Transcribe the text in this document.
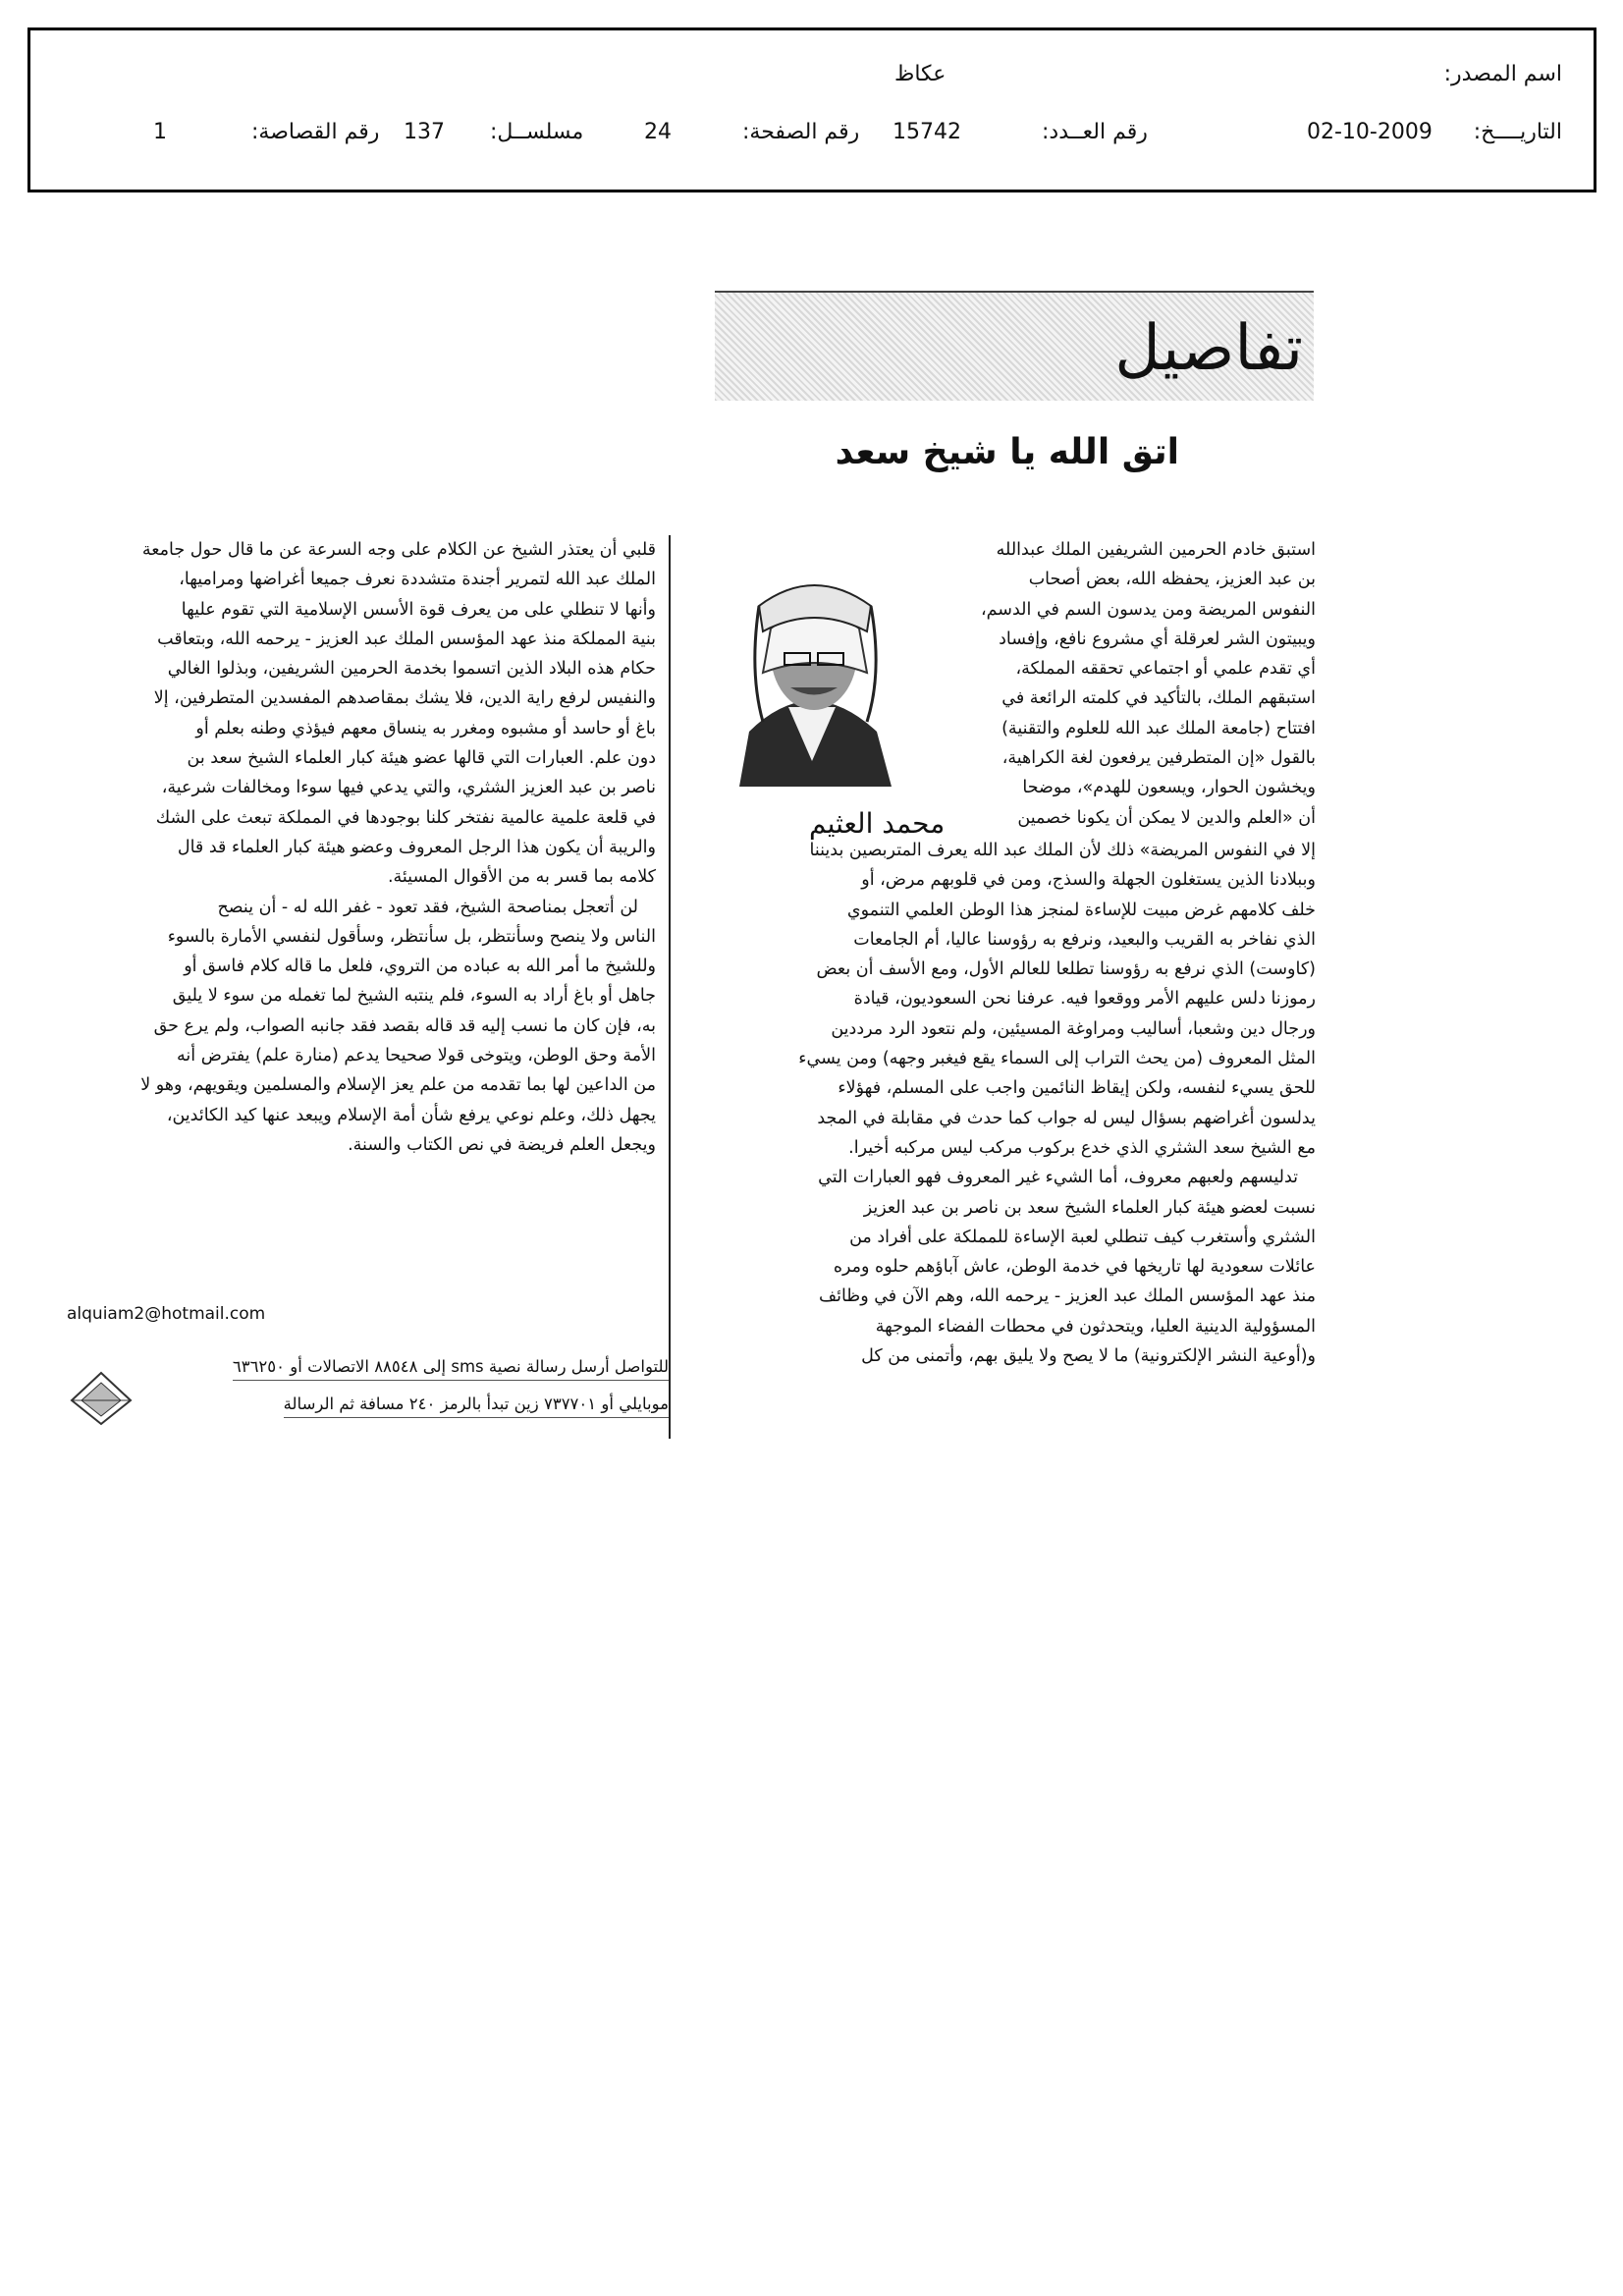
اسم المصدر:
عكاظ
التاريــــخ:
02-10-2009
رقم العــدد:
15742
رقم الصفحة:
24
مسلســل:
137
رقم القصاصة:
1
تفاصيل
اتق الله يا شيخ سعد
محمد العثيم

استبق خادم الحرمين الشريفين الملك عبدالله

بن عبد العزيز، يحفظه الله، بعض أصحاب

النفوس المريضة ومن يدسون السم في الدسم،

ويبيتون الشر لعرقلة أي مشروع نافع، وإفساد

أي تقدم علمي أو اجتماعي تحققه المملكة،

استبقهم الملك، بالتأكيد في كلمته الرائعة في

افتتاح (جامعة الملك عبد الله للعلوم والتقنية)

بالقول «إن المتطرفين يرفعون لغة الكراهية،

ويخشون الحوار، ويسعون للهدم»، موضحا

أن «العلم والدين لا يمكن أن يكونا خصمين

إلا في النفوس المريضة» ذلك لأن الملك عبد الله يعرف المتربصين بديننا

وببلادنا الذين يستغلون الجهلة والسذج، ومن في قلوبهم مرض، أو

خلف كلامهم غرض مبيت للإساءة لمنجز هذا الوطن العلمي التنموي

الذي نفاخر به القريب والبعيد، ونرفع به رؤوسنا عاليا، أم الجامعات

(كاوست) الذي نرفع به رؤوسنا تطلعا للعالم الأول، ومع الأسف أن بعض

رموزنا دلس عليهم الأمر ووقعوا فيه. عرفنا نحن السعوديون، قيادة

ورجال دين وشعبا، أساليب ومراوغة المسيئين، ولم نتعود الرد مرددين

المثل المعروف (من يحث التراب إلى السماء يقع فيغبر وجهه) ومن يسيء

للحق يسيء لنفسه، ولكن إيقاظ النائمين واجب على المسلم، فهؤلاء

يدلسون أغراضهم بسؤال ليس له جواب كما حدث في مقابلة في المجد

مع الشيخ سعد الشثري الذي خدع بركوب مركب ليس مركبه أخيرا.

تدليسهم ولعبهم معروف، أما الشيء غير المعروف فهو العبارات التي

نسبت لعضو هيئة كبار العلماء الشيخ سعد بن ناصر بن عبد العزيز

الشثري وأستغرب كيف تنطلي لعبة الإساءة للمملكة على أفراد من

عائلات سعودية لها تاريخها في خدمة الوطن، عاش آباؤهم حلوه ومره

منذ عهد المؤسس الملك عبد العزيز - يرحمه الله، وهم الآن في وظائف

المسؤولية الدينية العليا، ويتحدثون في محطات الفضاء الموجهة

و(أوعية النشر الإلكترونية) ما لا يصح ولا يليق بهم، وأتمنى من كل

قلبي أن يعتذر الشيخ عن الكلام على وجه السرعة عن ما قال حول جامعة

الملك عبد الله لتمرير أجندة متشددة نعرف جميعا أغراضها ومراميها،

وأنها لا تنطلي على من يعرف قوة الأسس الإسلامية التي تقوم عليها

بنية المملكة منذ عهد المؤسس الملك عبد العزيز - يرحمه الله، وبتعاقب

حكام هذه البلاد الذين اتسموا بخدمة الحرمين الشريفين، وبذلوا الغالي

والنفيس لرفع راية الدين، فلا يشك بمقاصدهم المفسدين المتطرفين، إلا

باغ أو حاسد أو مشبوه ومغرر به ينساق معهم فيؤذي وطنه بعلم أو

دون علم. العبارات التي قالها عضو هيئة كبار العلماء الشيخ سعد بن

ناصر بن عبد العزيز الشثري، والتي يدعي فيها سوءا ومخالفات شرعية،

في قلعة علمية عالمية نفتخر كلنا بوجودها في المملكة تبعث على الشك

والريبة أن يكون هذا الرجل المعروف وعضو هيئة كبار العلماء قد قال

كلامه بما قسر به من الأقوال المسيئة.

لن أتعجل بمناصحة الشيخ، فقد تعود - غفر الله له - أن ينصح

الناس ولا ينصح وسأنتظر، بل سأنتظر، وسأقول لنفسي الأمارة بالسوء

وللشيخ ما أمر الله به عباده من التروي، فلعل ما قاله كلام فاسق أو

جاهل أو باغ أراد به السوء، فلم ينتبه الشيخ لما تغمله من سوء لا يليق

به، فإن كان ما نسب إليه قد قاله بقصد فقد جانبه الصواب، ولم يرع حق

الأمة وحق الوطن، ويتوخى قولا صحيحا يدعم (منارة علم) يفترض أنه

من الداعين لها بما تقدمه من علم يعز الإسلام والمسلمين ويقويهم، وهو لا

يجهل ذلك، وعلم نوعي يرفع شأن أمة الإسلام ويبعد عنها كيد الكائدين،

ويجعل العلم فريضة في نص الكتاب والسنة.

alquiam2@hotmail.com
للتواصل أرسل رسالة نصية sms إلى ٨٨٥٤٨ الاتصالات أو ٦٣٦٢٥٠
موبايلي أو ٧٣٧٧٠١ زين تبدأ بالرمز ٢٤٠ مسافة ثم الرسالة
